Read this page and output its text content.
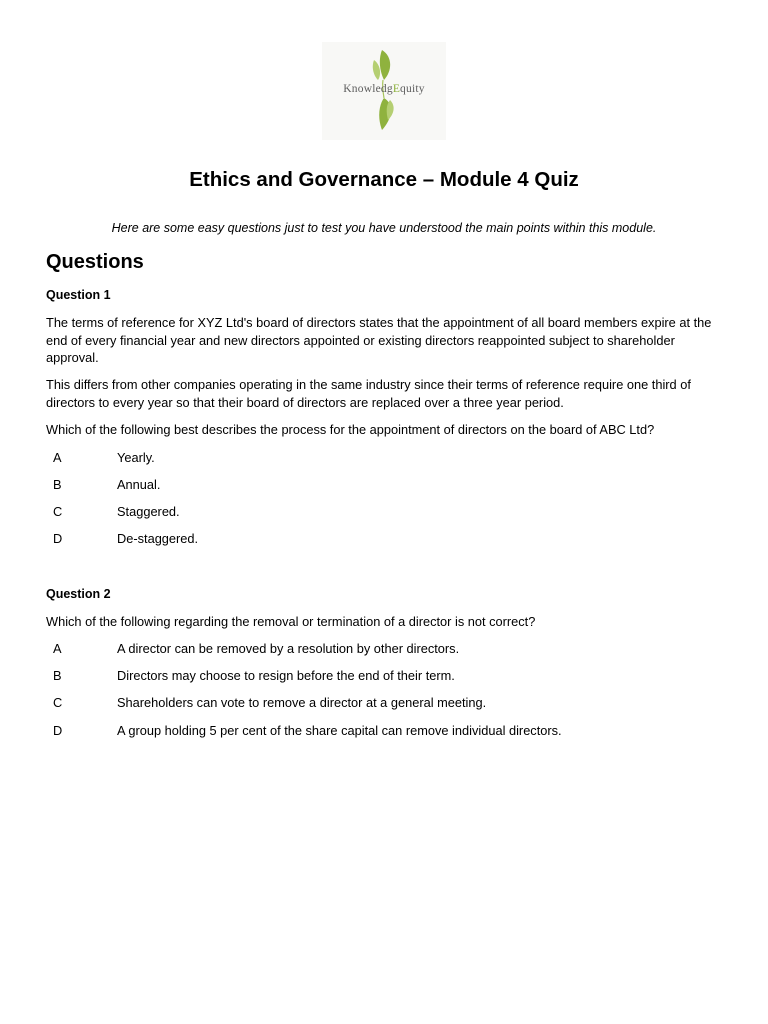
KnowledgEquity
Ethics and Governance – Module 4 Quiz
Here are some easy questions just to test you have understood the main points within this module.
Questions
Question 1
The terms of reference for XYZ Ltd's board of directors states that the appointment of all board members expire at the end of every financial year and new directors appointed or existing directors reappointed subject to shareholder approval.
This differs from other companies operating in the same industry since their terms of reference require one third of directors to every year so that their board of directors are replaced over a three year period.
Which of the following best describes the process for the appointment of directors on the board of ABC Ltd?
A	Yearly.
B	Annual.
C	Staggered.
D	De-staggered.
Question 2
Which of the following regarding the removal or termination of a director is not correct?
A	A director can be removed by a resolution by other directors.
B	Directors may choose to resign before the end of their term.
C	Shareholders can vote to remove a director at a general meeting.
D	A group holding 5 per cent of the share capital can remove individual directors.
